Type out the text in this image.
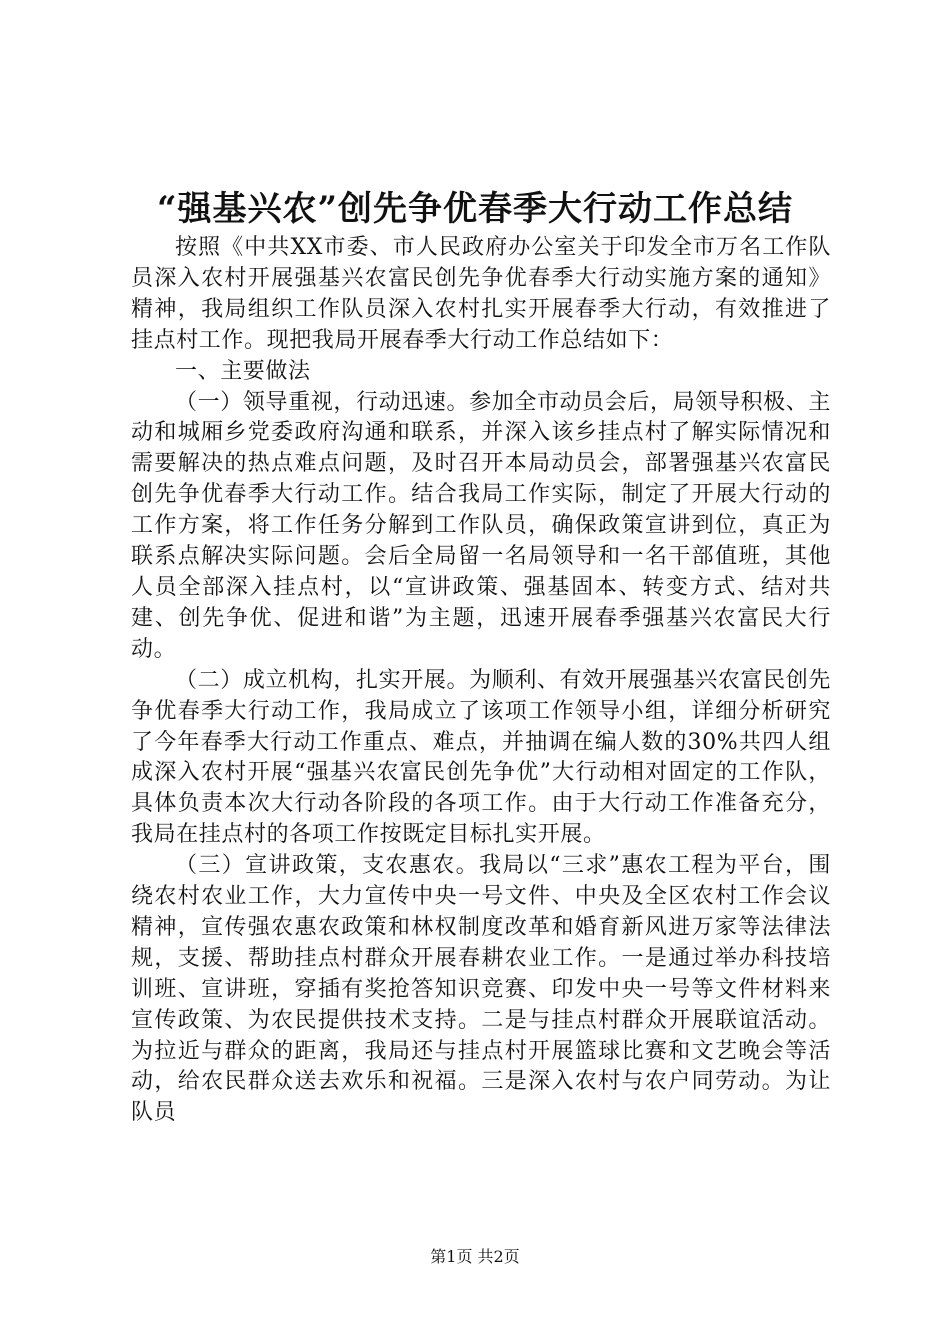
“强基兴农”创先争优春季大行动工作总结

按照《中共XX市委、市人民政府办公室关于印发全市万名工作队员深入农村开展强基兴农富民创先争优春季大行动实施方案的通知》精神，我局组织工作队员深入农村扎实开展春季大行动，有效推进了挂点村工作。现把我局开展春季大行动工作总结如下：

一、主要做法

（一）领导重视，行动迅速。参加全市动员会后，局领导积极、主动和城厢乡党委政府沟通和联系，并深入该乡挂点村了解实际情况和需要解决的热点难点问题，及时召开本局动员会，部署强基兴农富民创先争优春季大行动工作。结合我局工作实际，制定了开展大行动的工作方案，将工作任务分解到工作队员，确保政策宣讲到位，真正为联系点解决实际问题。会后全局留一名局领导和一名干部值班，其他人员全部深入挂点村，以“宣讲政策、强基固本、转变方式、结对共建、创先争优、促进和谐”为主题，迅速开展春季强基兴农富民大行动。

（二）成立机构，扎实开展。为顺利、有效开展强基兴农富民创先争优春季大行动工作，我局成立了该项工作领导小组，详细分析研究了今年春季大行动工作重点、难点，并抽调在编人数的30%共四人组成深入农村开展“强基兴农富民创先争优”大行动相对固定的工作队，具体负责本次大行动各阶段的各项工作。由于大行动工作准备充分，我局在挂点村的各项工作按既定目标扎实开展。

（三）宣讲政策，支农惠农。我局以“三求”惠农工程为平台，围绕农村农业工作，大力宣传中央一号文件、中央及全区农村工作会议精神，宣传强农惠农政策和林权制度改革和婚育新风进万家等法律法规，支援、帮助挂点村群众开展春耕农业工作。一是通过举办科技培训班、宣讲班，穿插有奖抢答知识竞赛、印发中央一号等文件材料来宣传政策、为农民提供技术支持。二是与挂点村群众开展联谊活动。为拉近与群众的距离，我局还与挂点村开展篮球比赛和文艺晚会等活动，给农民群众送去欢乐和祝福。三是深入农村与农户同劳动。为让队员

第1页 共2页
